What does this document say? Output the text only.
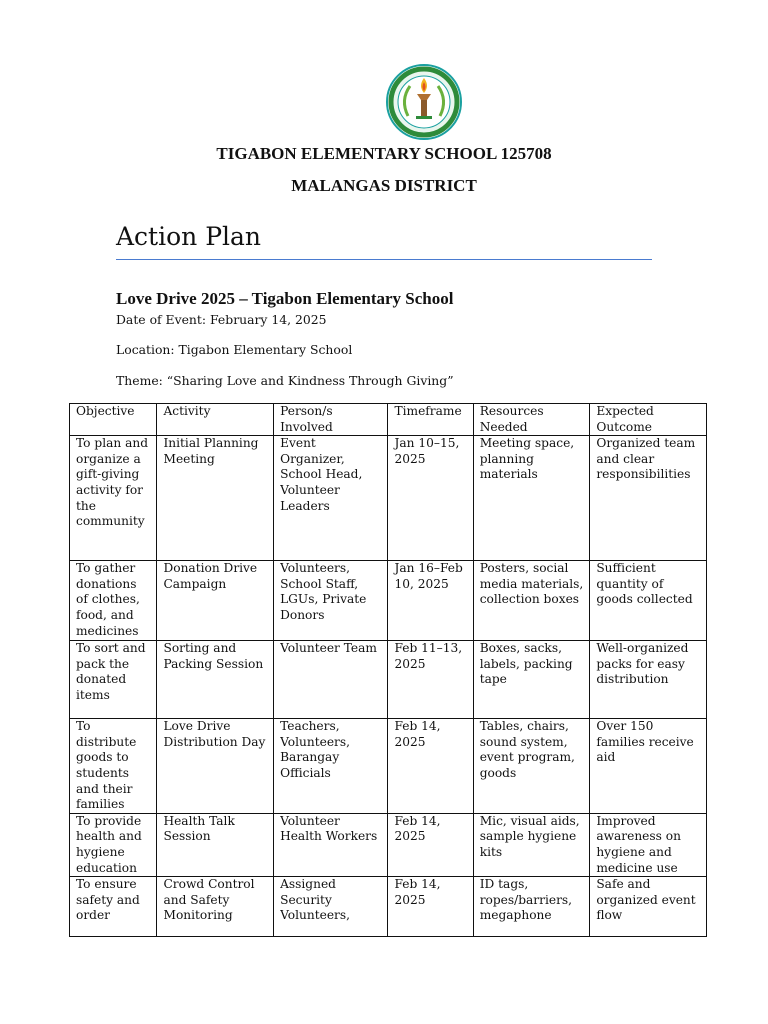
TIGABON ELEMENTARY SCHOOL 125708
MALANGAS DISTRICT
Action Plan
Love Drive 2025 – Tigabon Elementary School
Date of Event: February 14, 2025
Location: Tigabon Elementary School
Theme: “Sharing Love and Kindness Through Giving”
Objective	Activity	Person/s Involved	Timeframe	Resources Needed	Expected Outcome
To plan and organize a gift-giving activity for the community	Initial Planning Meeting	Event Organizer, School Head, Volunteer Leaders	Jan 10–15, 2025	Meeting space, planning materials	Organized team and clear responsibilities
To gather donations of clothes, food, and medicines	Donation Drive Campaign	Volunteers, School Staff, LGUs, Private Donors	Jan 16–Feb 10, 2025	Posters, social media materials, collection boxes	Sufficient quantity of goods collected
To sort and pack the donated items	Sorting and Packing Session	Volunteer Team	Feb 11–13, 2025	Boxes, sacks, labels, packing tape	Well-organized packs for easy distribution
To distribute goods to students and their families	Love Drive Distribution Day	Teachers, Volunteers, Barangay Officials	Feb 14, 2025	Tables, chairs, sound system, event program, goods	Over 150 families receive aid
To provide health and hygiene education	Health Talk Session	Volunteer Health Workers	Feb 14, 2025	Mic, visual aids, sample hygiene kits	Improved awareness on hygiene and medicine use
To ensure safety and order	Crowd Control and Safety Monitoring	Assigned Security Volunteers,	Feb 14, 2025	ID tags, ropes/barriers, megaphone	Safe and organized event flow
